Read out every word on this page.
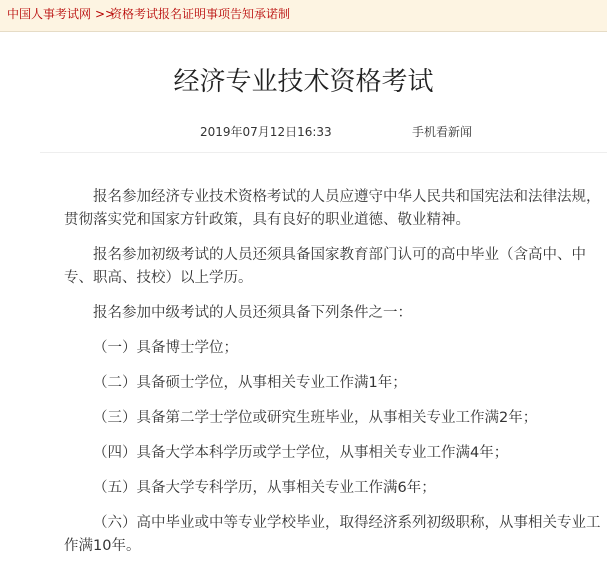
中国人事考试网 >>
资格考试报名证明事项告知承诺制
经济专业技术资格考试
2019年07月12日16:33	手机看新闻

报名参加经济专业技术资格考试的人员应遵守中华人民共和国宪法和法律法规，贯彻落实党和国家方针政策，具有良好的职业道德、敬业精神。

报名参加初级考试的人员还须具备国家教育部门认可的高中毕业（含高中、中专、职高、技校）以上学历。

报名参加中级考试的人员还须具备下列条件之一：

（一）具备博士学位；

（二）具备硕士学位，从事相关专业工作满1年；

（三）具备第二学士学位或研究生班毕业，从事相关专业工作满2年；

（四）具备大学本科学历或学士学位，从事相关专业工作满4年；

（五）具备大学专科学历，从事相关专业工作满6年；

（六）高中毕业或中等专业学校毕业，取得经济系列初级职称，从事相关专业工作满10年。
